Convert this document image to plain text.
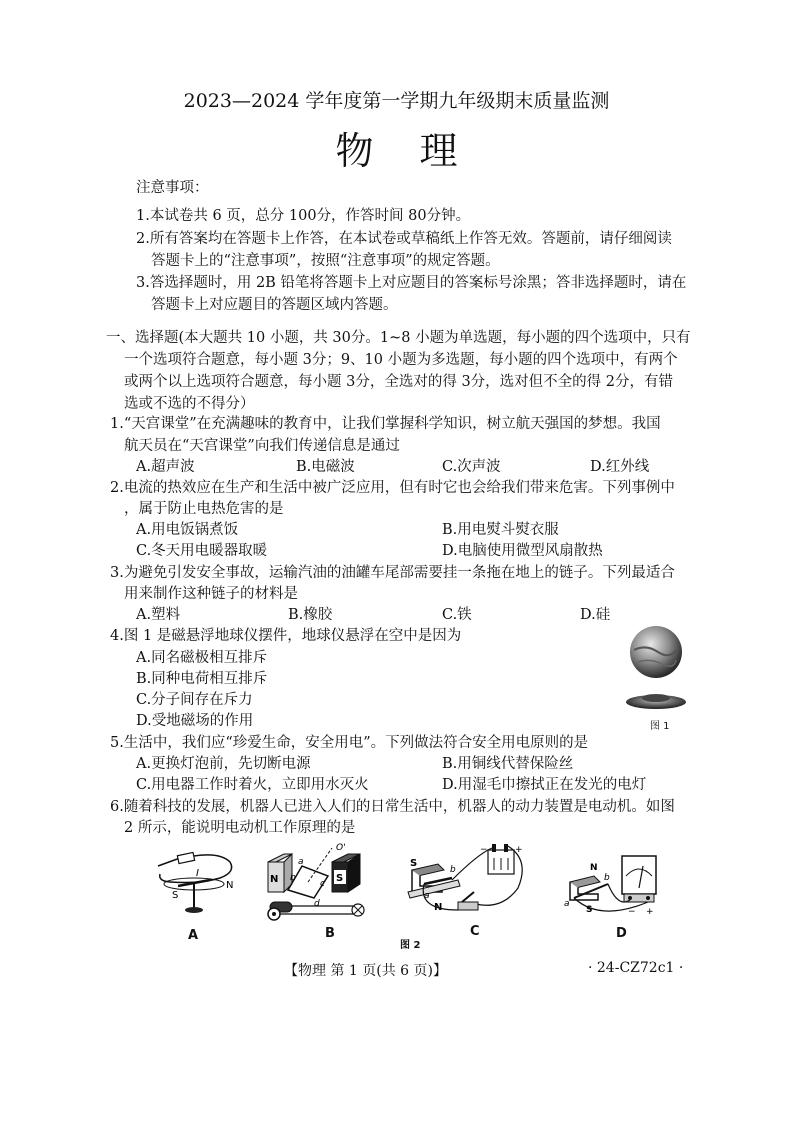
2023—2024 学年度第一学期九年级期末质量监测
物理
注意事项：
1.本试卷共 6 页，总分 100分，作答时间 80分钟。
2.所有答案均在答题卡上作答，在本试卷或草稿纸上作答无效。答题前，请仔细阅读
答题卡上的“注意事项”，按照“注意事项”的规定答题。
3.答选择题时，用 2B 铅笔将答题卡上对应题目的答案标号涂黑；答非选择题时，请在
答题卡上对应题目的答题区域内答题。
一、选择题(本大题共 10 小题，共 30分。1~8 小题为单选题，每小题的四个选项中，只有
一个选项符合题意，每小题 3分；9、10 小题为多选题，每小题的四个选项中，有两个
或两个以上选项符合题意，每小题 3分，全选对的得 3分，选对但不全的得 2分，有错
选或不选的不得分）
1.“天宫课堂”在充满趣味的教育中，让我们掌握科学知识，树立航天强国的梦想。我国
航天员在“天宫课堂”向我们传递信息是通过
A.超声波	B.电磁波	C.次声波	D.红外线
2.电流的热效应在生产和生活中被广泛应用，但有时它也会给我们带来危害。下列事例中
，属于防止电热危害的是
A.用电饭锅煮饭	B.用电熨斗熨衣服
C.冬天用电暖器取暖	D.电脑使用微型风扇散热
3.为避免引发安全事故，运输汽油的油罐车尾部需要挂一条拖在地上的链子。下列最适合
用来制作这种链子的材料是
A.塑料	B.橡胶	C.铁	D.硅
4.图 1 是磁悬浮地球仪摆件，地球仪悬浮在空中是因为
A.同名磁极相互排斥
B.同种电荷相互排斥
C.分子间存在斥力
D.受地磁场的作用	图 1
5.生活中，我们应“珍爱生命，安全用电”。下列做法符合安全用电原则的是
A.更换灯泡前，先切断电源	B.用铜线代替保险丝
C.用电器工作时着火，立即用水灭火	D.用湿毛巾擦拭正在发光的电灯
6.随着科技的发展，机器人已进入人们的日常生活中，机器人的动力装置是电动机。如图
2 所示，能说明电动机工作原理的是
S
N
I
A
N	S
O'
a
b
c
d
B
S
N
b
a
−	+
C
N
S
a
b
− +
D
图 2
【物理 第 1 页(共 6 页)】	· 24-CZ72c1 ·
